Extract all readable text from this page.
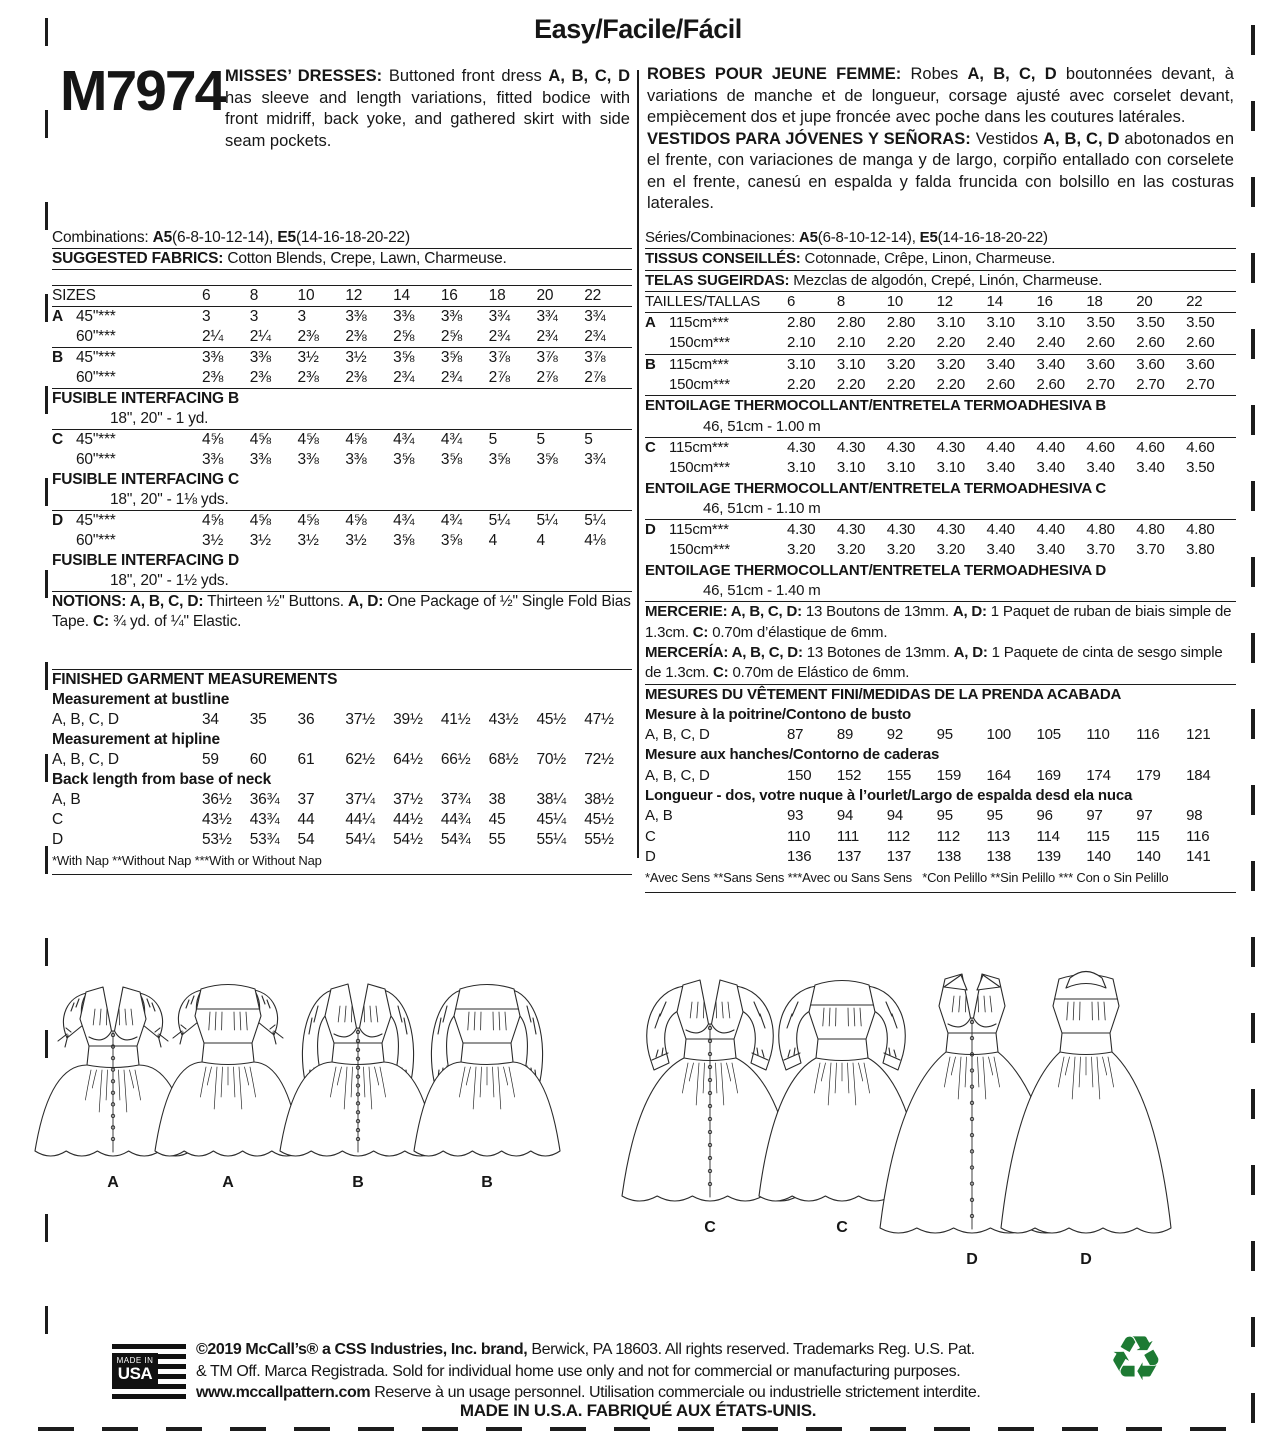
Easy/Facile/Fácil
M7974 MISSES’ DRESSES: Buttoned front dress A, B, C, D has sleeve and length variations, fitted bodice with front midriff, back yoke, and gathered skirt with side seam pockets.
ROBES POUR JEUNE FEMME: Robes A, B, C, D boutonnées devant, à variations de manche et de longueur, corsage ajusté avec corselet devant, empiècement dos et jupe froncée avec poche dans les coutures latérales.
VESTIDOS PARA JÓVENES Y SEÑORAS: Vestidos A, B, C, D abotonados en el frente, con variaciones de manga y de largo, corpiño entallado con corselete en el frente, canesú en espalda y falda fruncida con bolsillo en las costuras laterales.
Combinations: A5(6-8-10-12-14), E5(14-16-18-20-22)
SUGGESTED FABRICS: Cotton Blends, Crepe, Lawn, Charmeuse.
SIZES	6	8	10	12	14	16	18	20	22
A 45"***	3	3	3	3⅜	3⅜	3⅜	3¾	3¾	3¾
60"***	2¼	2¼	2⅜	2⅜	2⅝	2⅝	2¾	2¾	2¾
B 45"***	3⅜	3⅜	3½	3½	3⅝	3⅝	3⅞	3⅞	3⅞
60"***	2⅜	2⅜	2⅜	2⅜	2¾	2¾	2⅞	2⅞	2⅞
FUSIBLE INTERFACING B
18", 20" - 1 yd.
C 45"***	4⅝	4⅝	4⅝	4⅝	4¾	4¾	5	5	5
60"***	3⅜	3⅜	3⅜	3⅜	3⅝	3⅝	3⅝	3⅝	3¾
FUSIBLE INTERFACING C
18", 20" - 1⅛ yds.
D 45"***	4⅝	4⅝	4⅝	4⅝	4¾	4¾	5¼	5¼	5¼
60"***	3½	3½	3½	3½	3⅝	3⅝	4	4	4⅛
FUSIBLE INTERFACING D
18", 20" - 1½ yds.
NOTIONS: A, B, C, D: Thirteen ½" Buttons. A, D: One Package of ½" Single Fold Bias Tape. C: ¾ yd. of ¼" Elastic.
FINISHED GARMENT MEASUREMENTS
Measurement at bustline
A, B, C, D	34	35	36	37½	39½	41½	43½	45½	47½
Measurement at hipline
A, B, C, D	59	60	61	62½	64½	66½	68½	70½	72½
Back length from base of neck
A, B	36½	36¾	37	37¼	37½	37¾	38	38¼	38½
C	43½	43¾	44	44¼	44½	44¾	45	45¼	45½
D	53½	53¾	54	54¼	54½	54¾	55	55¼	55½
*With Nap **Without Nap ***With or Without Nap
Séries/Combinaciones: A5(6-8-10-12-14), E5(14-16-18-20-22)
TISSUS CONSEILLÉS: Cotonnade, Crêpe, Linon, Charmeuse.
TELAS SUGEIRDAS: Mezclas de algodón, Crepé, Linón, Charmeuse.
TAILLES/TALLAS	6	8	10	12	14	16	18	20	22
A 115cm***	2.80	2.80	2.80	3.10	3.10	3.10	3.50	3.50	3.50
150cm***	2.10	2.10	2.20	2.20	2.40	2.40	2.60	2.60	2.60
B 115cm***	3.10	3.10	3.20	3.20	3.40	3.40	3.60	3.60	3.60
150cm***	2.20	2.20	2.20	2.20	2.60	2.60	2.70	2.70	2.70
ENTOILAGE THERMOCOLLANT/ENTRETELA TERMOADHESIVA B
46, 51cm - 1.00 m
C 115cm***	4.30	4.30	4.30	4.30	4.40	4.40	4.60	4.60	4.60
150cm***	3.10	3.10	3.10	3.10	3.40	3.40	3.40	3.40	3.50
ENTOILAGE THERMOCOLLANT/ENTRETELA TERMOADHESIVA C
46, 51cm - 1.10 m
D 115cm***	4.30	4.30	4.30	4.30	4.40	4.40	4.80	4.80	4.80
150cm***	3.20	3.20	3.20	3.20	3.40	3.40	3.70	3.70	3.80
ENTOILAGE THERMOCOLLANT/ENTRETELA TERMOADHESIVA D
46, 51cm - 1.40 m
MERCERIE: A, B, C, D: 13 Boutons de 13mm. A, D: 1 Paquet de ruban de biais simple de 1.3cm. C: 0.70m d’élastique de 6mm.
MERCERÍA: A, B, C, D: 13 Botones de 13mm. A, D: 1 Paquete de cinta de sesgo simple de 1.3cm. C: 0.70m de Elástico de 6mm.
MESURES DU VÊTEMENT FINI/MEDIDAS DE LA PRENDA ACABADA
Mesure à la poitrine/Contono de busto
A, B, C, D	87	89	92	95	100	105	110	116	121
Mesure aux hanches/Contorno de caderas
A, B, C, D	150	152	155	159	164	169	174	179	184
Longueur - dos, votre nuque à l’ourlet/Largo de espalda desd ela nuca
A, B	93	94	94	95	95	96	97	97	98
C	110	111	112	112	113	114	115	115	116
D	136	137	137	138	138	139	140	140	141
*Avec Sens **Sans Sens ***Avec ou Sans Sens   *Con Pelillo **Sin Pelillo *** Con o Sin Pelillo
A	A	B	B
C	C
D	D
MADE IN
USA
©2019 McCall’s® a CSS Industries, Inc. brand, Berwick, PA 18603. All rights reserved. Trademarks Reg. U.S. Pat.
& TM Off. Marca Registrada. Sold for individual home use only and not for commercial or manufacturing purposes.
www.mccallpattern.com Reserve à un usage personnel. Utilisation commerciale ou industrielle strictement interdite.
MADE IN U.S.A. FABRIQUÉ AUX ÉTATS-UNIS.
♻
